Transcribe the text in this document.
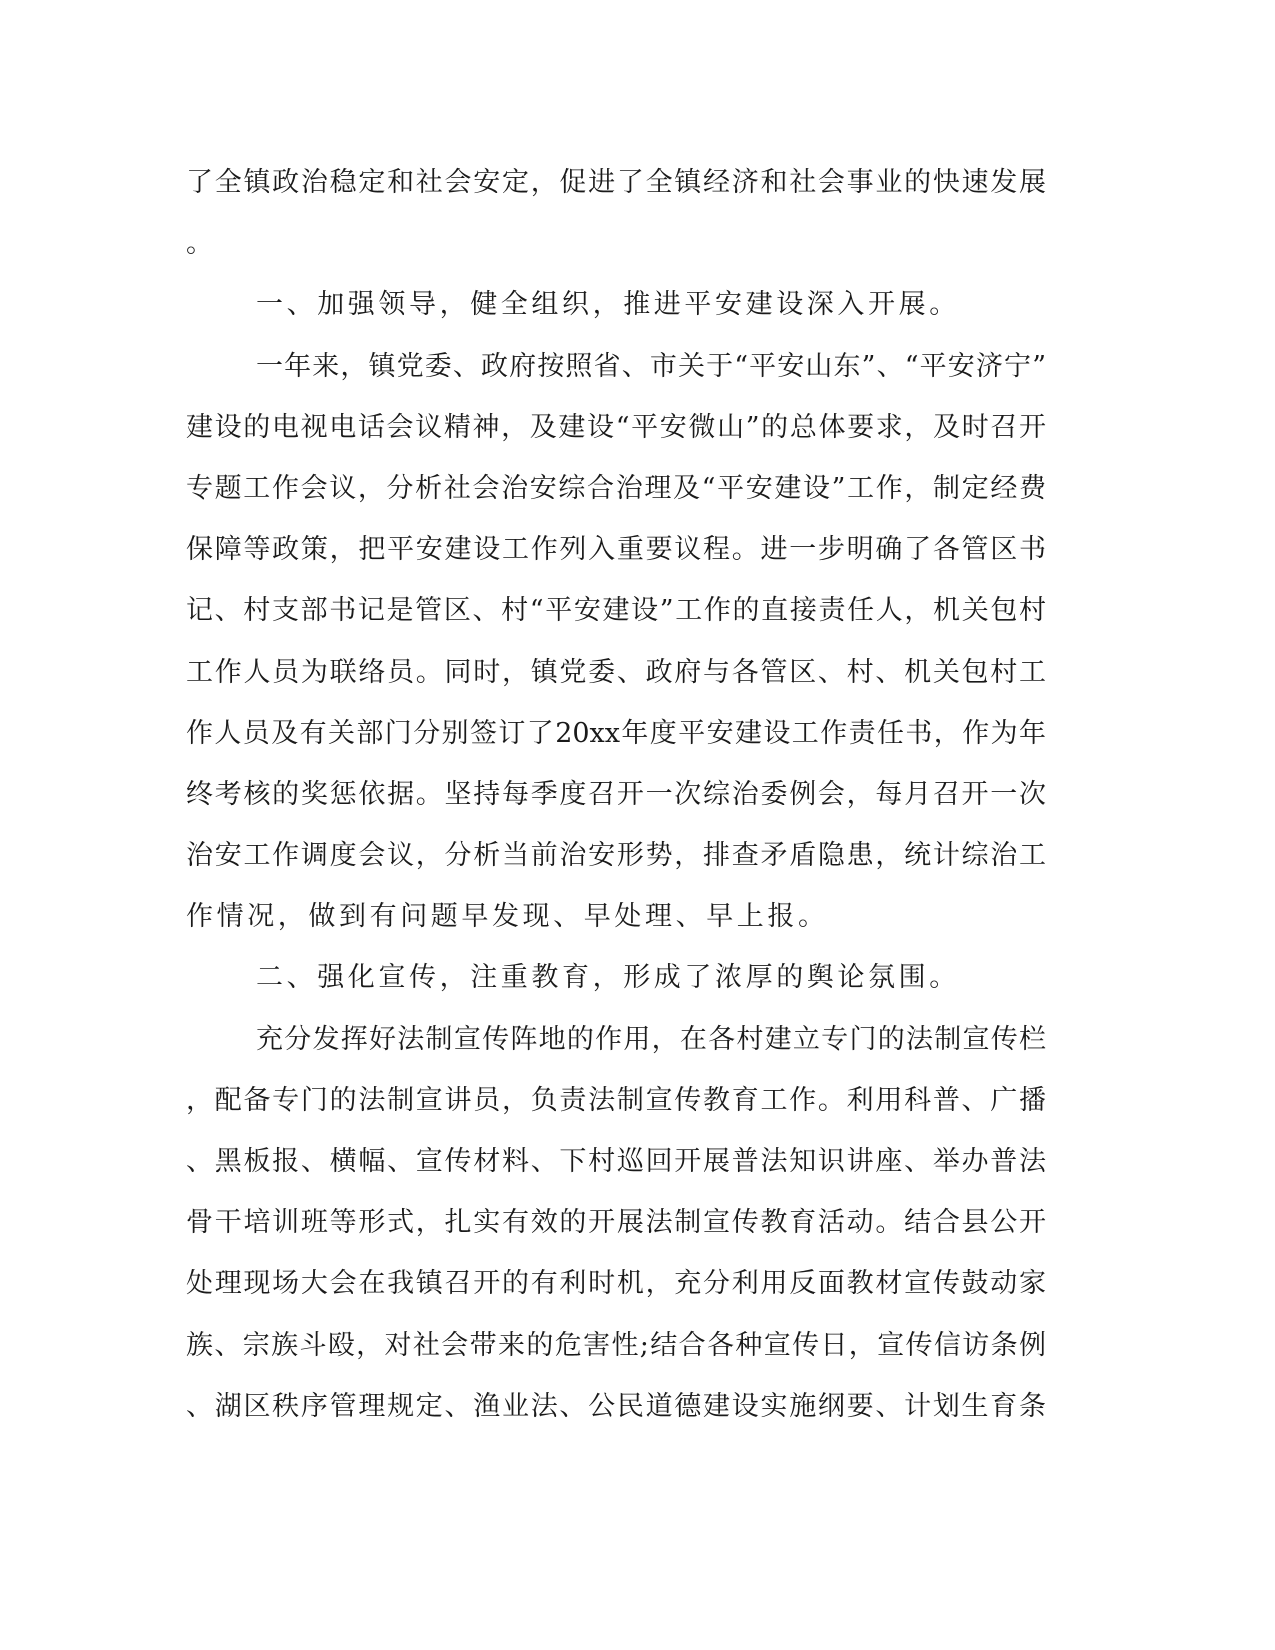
了全镇政治稳定和社会安定，促进了全镇经济和社会事业的快速发展
。
一、加强领导，健全组织，推进平安建设深入开展。
一年来，镇党委、政府按照省、市关于“平安山东”、“平安济宁”
建设的电视电话会议精神，及建设“平安微山”的总体要求，及时召开
专题工作会议，分析社会治安综合治理及“平安建设”工作，制定经费
保障等政策，把平安建设工作列入重要议程。进一步明确了各管区书
记、村支部书记是管区、村“平安建设”工作的直接责任人，机关包村
工作人员为联络员。同时，镇党委、政府与各管区、村、机关包村工
作人员及有关部门分别签订了20xx年度平安建设工作责任书，作为年
终考核的奖惩依据。坚持每季度召开一次综治委例会，每月召开一次
治安工作调度会议，分析当前治安形势，排查矛盾隐患，统计综治工
作情况，做到有问题早发现、早处理、早上报。
二、强化宣传，注重教育，形成了浓厚的舆论氛围。
充分发挥好法制宣传阵地的作用，在各村建立专门的法制宣传栏
，配备专门的法制宣讲员，负责法制宣传教育工作。利用科普、广播
、黑板报、横幅、宣传材料、下村巡回开展普法知识讲座、举办普法
骨干培训班等形式，扎实有效的开展法制宣传教育活动。结合县公开
处理现场大会在我镇召开的有利时机，充分利用反面教材宣传鼓动家
族、宗族斗殴，对社会带来的危害性;结合各种宣传日，宣传信访条例
、湖区秩序管理规定、渔业法、公民道德建设实施纲要、计划生育条
